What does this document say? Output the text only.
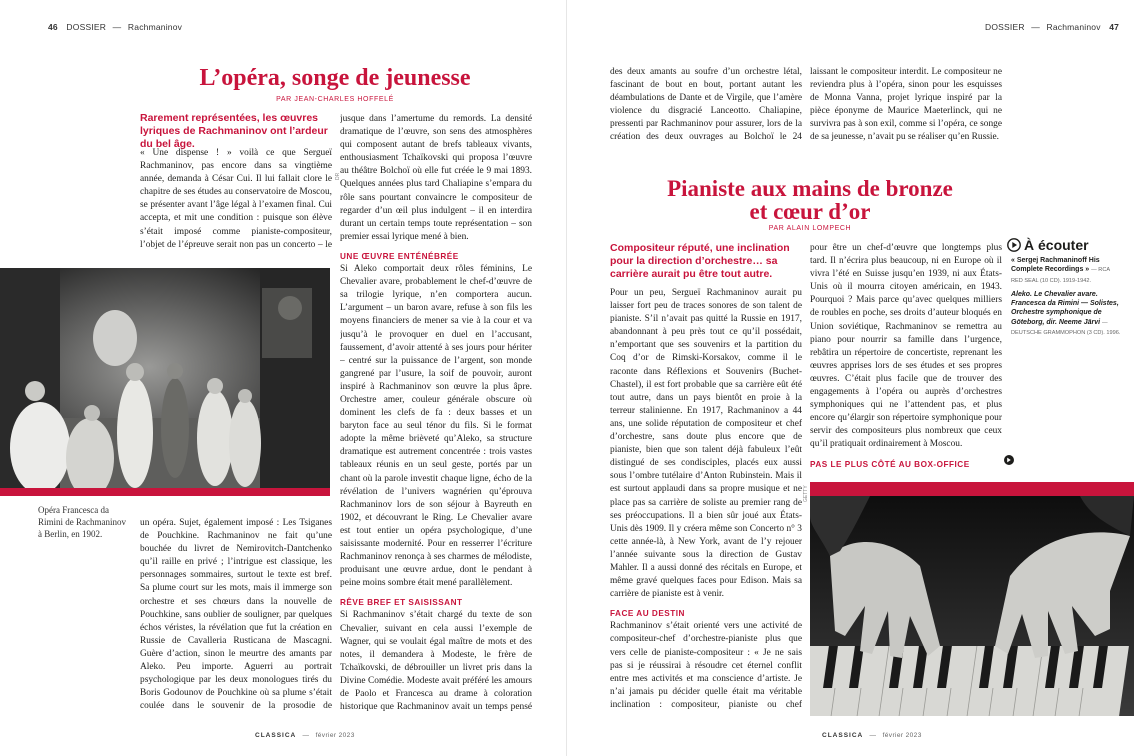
46 DOSSIER — Rachmaninov
L’opéra, songe de jeunesse
PAR JEAN-CHARLES HOFFELÉ
Rarement représentées, les œuvres lyriques de Rachmaninov ont l’ardeur du bel âge.

« Une dispense ! » voilà ce que Sergueï Rachmaninov, pas encore dans sa vingtième année, demanda à César Cui. Il lui fallait clore le chapitre de ses études au conservatoire de Moscou, se présenter avant l’âge légal à l’examen final. Cui accepta, et mit une condition : puisque son élève s’était imposé comme pianiste-compositeur, l’objet de l’épreuve serait non pas un concerto – le

DR
Opéra Francesca da Rimini de Rachmaninov à Berlin, en 1902.

un opéra. Sujet, également imposé : Les Tsiganes de Pouchkine. Rachmaninov ne fait qu’une bouchée du livret de Nemirovitch-Dantchenko qu’il raille en privé ; l’intrigue est classique, les personnages sommaires, surtout le texte est bref. Sa plume court sur les mots, mais il immerge son orchestre et ses chœurs dans la nouvelle de Pouchkine, sans oublier de souligner, par quelques échos véristes, la révélation que fut la création en Russie de Cavalleria Rusticana de Mascagni. Guère d’action, sinon le meurtre des amants par Aleko. Peu importe. Aguerri au portrait psychologique par les deux monologues tirés du Boris Godounov de Pouchkine où sa plume s’était coulée dans le souvenir de la prosodie de

jusque dans l’amertume du remords. La densité dramatique de l’œuvre, son sens des atmosphères qui composent autant de brefs tableaux vivants, enthousiasment Tchaïkovski qui proposa l’œuvre au théâtre Bolchoï où elle fut créée le 9 mai 1893. Quelques années plus tard Chaliapine s’empara du rôle sans pourtant convaincre le compositeur de regarder d’un œil plus indulgent – il en interdira durant un certain temps toute représentation – son premier essai lyrique mené à bien.

UNE ŒUVRE ENTÉNÉBRÉE

Si Aleko comportait deux rôles féminins, Le Chevalier avare, probablement le chef-d’œuvre de sa trilogie lyrique, n’en comportera aucun. L’argument – un baron avare, refuse à son fils les moyens financiers de mener sa vie à la cour et va jusqu’à le provoquer en duel en l’accusant, faussement, d’avoir attenté à ses jours pour hériter – centré sur la puissance de l’argent, son monde gangrené par l’usure, la soif de pouvoir, auront inspiré à Rachmaninov son œuvre la plus âpre. Orchestre amer, couleur générale obscure où dominent les clefs de fa : deux basses et un baryton face au seul ténor du fils. Si le format adopte la même brièveté qu’Aleko, sa structure dramatique est autrement concentrée : trois vastes tableaux réunis en un seul geste, portés par un chant où la parole investit chaque ligne, écho de la révélation de l’univers wagnérien qu’éprouva Rachmaninov lors de son séjour à Bayreuth en 1902, et découvrant le Ring. Le Chevalier avare est tout entier un opéra psychologique, d’une saisissante modernité. Pour en resserrer l’écriture Rachmaninov renonça à ses charmes de mélodiste, produisant une œuvre ardue, dont le pendant à peine moins sombre était mené parallèlement.

RÊVE BREF ET SAISISSANT

Si Rachmaninov s’était chargé du texte de son Chevalier, suivant en cela aussi l’exemple de Wagner, qui se voulait égal maître de mots et des notes, il demandera à Modeste, le frère de Tchaïkovski, de débrouiller un livret pris dans la Divine Comédie. Modeste avait préféré les amours de Paolo et Francesca au drame à coloration historique que Rachmaninov avait un temps pensé

CLASSICA — février 2023
DOSSIER — Rachmaninov 47

des deux amants au soufre d’un orchestre létal, fascinant de bout en bout, portant autant les déambulations de Dante et de Virgile, que l’amère violence du disgracié Lanceotto. Chaliapine, pressenti par Rachmaninov pour assurer, lors de la création des deux ouvrages au Bolchoï le 24

laissant le compositeur interdit. Le compositeur ne reviendra plus à l’opéra, sinon pour les esquisses de Monna Vanna, projet lyrique inspiré par la pièce éponyme de Maurice Maeterlinck, qui ne survivra pas à son exil, comme si l’opéra, ce songe de sa jeunesse, n’avait pu se réaliser qu’en Russie.

Pianiste aux mains de bronze
et cœur d’or
PAR ALAIN LOMPECH
Compositeur réputé, une inclination pour la direction d’orchestre… sa carrière aurait pu être tout autre.

Pour un peu, Sergueï Rachmaninov aurait pu laisser fort peu de traces sonores de son talent de pianiste. S’il n’avait pas quitté la Russie en 1917, abandonnant à peu près tout ce qu’il possédait, n’emportant que ses souvenirs et la partition du Coq d’or de Rimski-Korsakov, comme il le raconte dans Réflexions et Souvenirs (Buchet-Chastel), il est fort probable que sa carrière eût été tout autre, dans un pays bientôt en proie à la terreur stalinienne. En 1917, Rachmaninov a 44 ans, une solide réputation de compositeur et chef d’orchestre, sans doute plus encore que de pianiste, bien que son talent déjà fabuleux l’eût distingué de ses condisciples, placés eux aussi sous l’ombre tutélaire d’Anton Rubinstein. Mais il est surtout applaudi dans sa propre musique et ne place pas sa carrière de soliste au premier rang de ses préoccupations. Il a bien sûr joué aux États-Unis dès 1909. Il y créera même son Concerto n° 3 cette année-là, à New York, avant de l’y rejouer l’année suivante sous la direction de Gustav Mahler. Il a aussi donné des récitals en Europe, et même gravé quelques faces pour Edison. Mais sa carrière de pianiste est à venir.

FACE AU DESTIN

Rachmaninov s’était orienté vers une activité de compositeur-chef d’orchestre-pianiste plus que vers celle de pianiste-compositeur : « Je ne sais pas si je réussirai à résoudre cet éternel conflit entre mes activités et ma conscience d’artiste. Je n’ai jamais pu décider quelle était ma véritable inclination : compositeur, pianiste ou chef

pour être un chef-d’œuvre que longtemps plus tard. Il n’écrira plus beaucoup, ni en Europe où il vivra l’été en Suisse jusqu’en 1939, ni aux États-Unis où il mourra citoyen américain, en 1943. Pourquoi ? Mais parce qu’avec quelques milliers de roubles en poche, ses droits d’auteur bloqués en Union soviétique, Rachmaninov se remettra au piano pour nourrir sa famille dans l’urgence, rebâtira un répertoire de concertiste, reprenant les œuvres apprises lors de ses études et ses propres œuvres. C’était plus facile que de trouver des engagements à l’opéra ou auprès d’orchestres symphoniques qui ne l’attendent pas, et plus encore qu’élargir son répertoire symphonique pour servir des compositeurs plus nombreux que ceux qu’il pratiquait ordinairement à Moscou.

PAS LE PLUS CÔTÉ AU BOX-OFFICE

À écouter
« Sergej Rachmaninoff His Complete Recordings » — RCA RED SEAL (10 CD). 1919-1942.
Aleko. Le Chevalier avare. Francesca da Rimini — Solistes, Orchestre symphonique de Göteborg, dir. Neeme Järvi — DEUTSCHE GRAMMOPHON (3 CD). 1996.
GETTY
CLASSICA — février 2023
